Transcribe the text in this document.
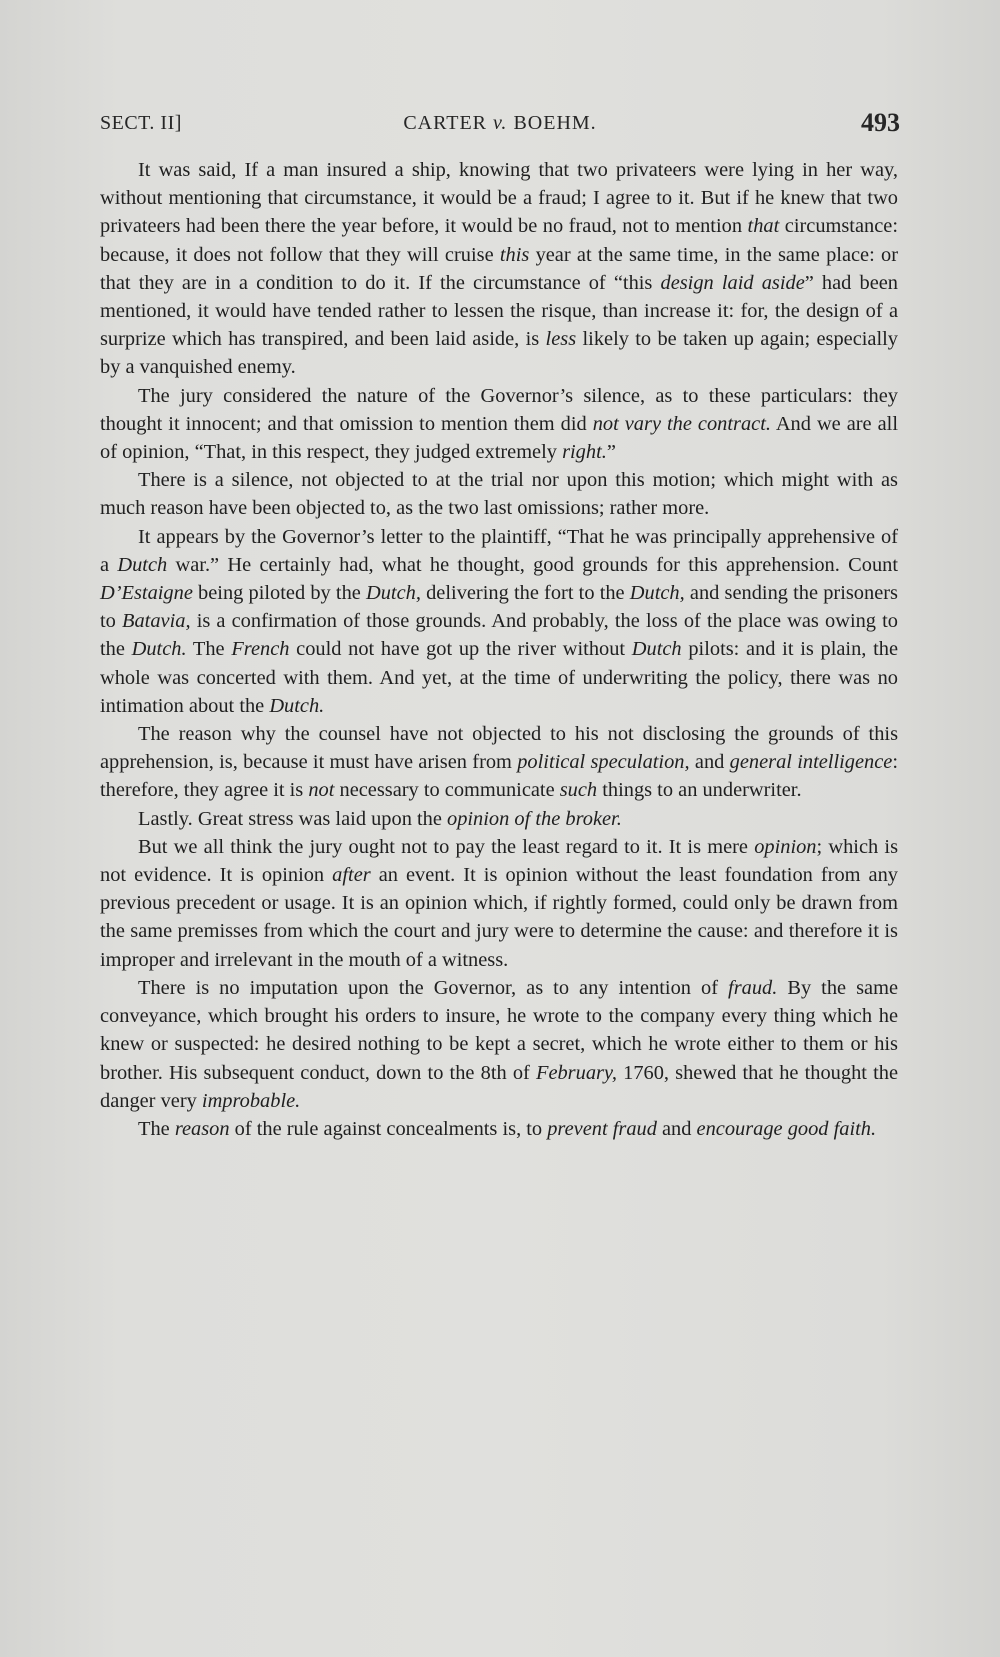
SECT. II]	CARTER v. BOEHM.	493

It was said, If a man insured a ship, knowing that two privateers were lying in her way, without mentioning that circumstance, it would be a fraud; I agree to it. But if he knew that two privateers had been there the year before, it would be no fraud, not to mention that circumstance: because, it does not follow that they will cruise this year at the same time, in the same place: or that they are in a condition to do it. If the circumstance of “this design laid aside” had been mentioned, it would have tended rather to lessen the risque, than increase it: for, the design of a surprize which has transpired, and been laid aside, is less likely to be taken up again; especially by a vanquished enemy.

The jury considered the nature of the Governor’s silence, as to these particulars: they thought it innocent; and that omission to mention them did not vary the contract. And we are all of opinion, “That, in this respect, they judged extremely right.”

There is a silence, not objected to at the trial nor upon this motion; which might with as much reason have been objected to, as the two last omissions; rather more.

It appears by the Governor’s letter to the plaintiff, “That he was principally apprehensive of a Dutch war.” He certainly had, what he thought, good grounds for this apprehension. Count D’Estaigne being piloted by the Dutch, delivering the fort to the Dutch, and sending the prisoners to Batavia, is a confirmation of those grounds. And probably, the loss of the place was owing to the Dutch. The French could not have got up the river without Dutch pilots: and it is plain, the whole was concerted with them. And yet, at the time of underwriting the policy, there was no intimation about the Dutch.

The reason why the counsel have not objected to his not disclosing the grounds of this apprehension, is, because it must have arisen from political speculation, and general intelligence: therefore, they agree it is not necessary to communicate such things to an underwriter.

Lastly. Great stress was laid upon the opinion of the broker.

But we all think the jury ought not to pay the least regard to it. It is mere opinion; which is not evidence. It is opinion after an event. It is opinion without the least foundation from any previous precedent or usage. It is an opinion which, if rightly formed, could only be drawn from the same premisses from which the court and jury were to determine the cause: and therefore it is improper and irrelevant in the mouth of a witness.

There is no imputation upon the Governor, as to any intention of fraud. By the same conveyance, which brought his orders to insure, he wrote to the company every thing which he knew or suspected: he desired nothing to be kept a secret, which he wrote either to them or his brother. His subsequent conduct, down to the 8th of February, 1760, shewed that he thought the danger very improbable.

The reason of the rule against concealments is, to prevent fraud and encourage good faith.
